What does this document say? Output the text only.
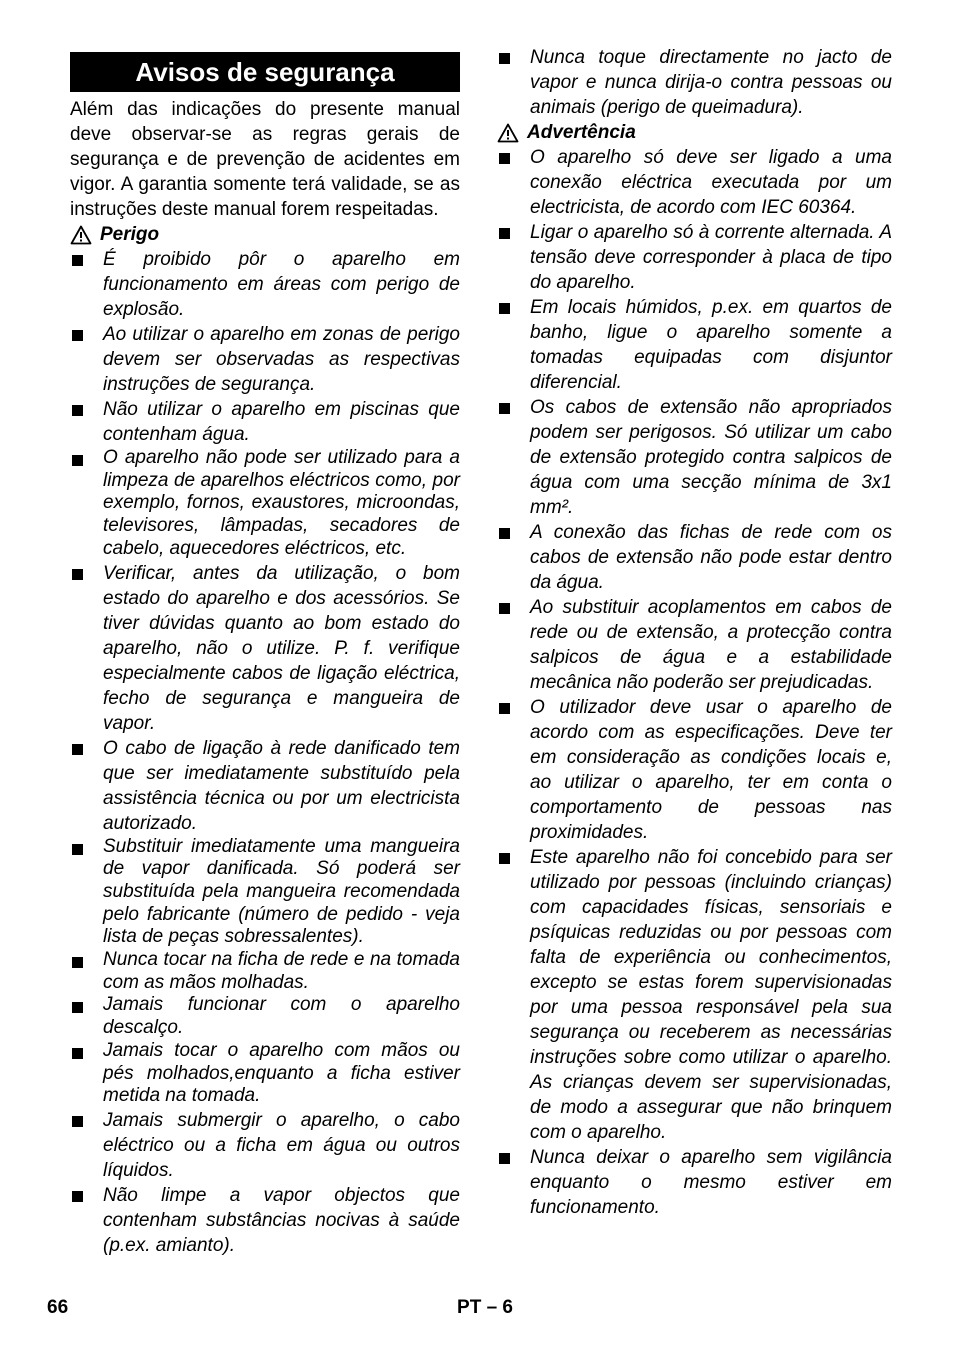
Avisos de segurança

Além das indicações do presente manual deve observar-se as regras gerais de segurança e de prevenção de acidentes em vigor. A garantia somente terá validade, se as instruções deste manual forem respeitadas.

Perigo
É proibido pôr o aparelho em funcionamento em áreas com perigo de explosão.
Ao utilizar o aparelho em zonas de perigo devem ser observadas as respectivas instruções de segurança.
Não utilizar o aparelho em piscinas que contenham água.
O aparelho não pode ser utilizado para a limpeza de aparelhos eléctricos como, por exemplo, fornos, exaustores, microondas, televisores, lâmpadas, secadores de cabelo, aquecedores eléctricos, etc.
Verificar, antes da utilização, o bom estado do aparelho e dos acessórios. Se tiver dúvidas quanto ao bom estado do aparelho, não o utilize. P. f. verifique especialmente cabos de ligação eléctrica, fecho de segurança e mangueira de vapor.
O cabo de ligação à rede danificado tem que ser imediatamente substituído pela assistência técnica ou por um electricista autorizado.
Substituir imediatamente uma mangueira de vapor danificada. Só poderá ser substituída pela mangueira recomendada pelo fabricante (número de pedido - veja lista de peças sobressalentes).
Nunca tocar na ficha de rede e na tomada com as mãos molhadas.
Jamais funcionar com o aparelho descalço.
Jamais tocar o aparelho com mãos ou pés molhados,enquanto a ficha estiver metida na tomada.
Jamais submergir o aparelho, o cabo eléctrico ou a ficha em água ou outros líquidos.
Não limpe a vapor objectos que contenham substâncias nocivas à saúde (p.ex. amianto).
Nunca toque directamente no jacto de vapor e nunca dirija-o contra pessoas ou animais (perigo de queimadura).
Advertência
O aparelho só deve ser ligado a uma conexão eléctrica executada por um electricista, de acordo com IEC 60364.
Ligar o aparelho só à corrente alternada. A tensão deve corresponder à placa de tipo do aparelho.
Em locais húmidos, p.ex. em quartos de banho, ligue o aparelho somente a tomadas equipadas com disjuntor diferencial.
Os cabos de extensão não apropriados podem ser perigosos. Só utilizar um cabo de extensão protegido contra salpicos de água com uma secção mínima de 3x1 mm².
A conexão das fichas de rede com os cabos de extensão não pode estar dentro da água.
Ao substituir acoplamentos em cabos de rede ou de extensão, a protecção contra salpicos de água e a estabilidade mecânica não poderão ser prejudicadas.
O utilizador deve usar o aparelho de acordo com as especificações. Deve ter em consideração as condições locais e, ao utilizar o aparelho, ter em conta o comportamento de pessoas nas proximidades.
Este aparelho não foi concebido para ser utilizado por pessoas (incluindo crianças) com capacidades físicas, sensoriais e psíquicas reduzidas ou por pessoas com falta de experiência ou conhecimentos, excepto se estas forem supervisionadas por uma pessoa responsável pela sua segurança ou receberem as necessárias instruções sobre como utilizar o aparelho. As crianças devem ser supervisionadas, de modo a assegurar que não brinquem com o aparelho.
Nunca deixar o aparelho sem vigilância enquanto o mesmo estiver em funcionamento.
66	PT – 6
